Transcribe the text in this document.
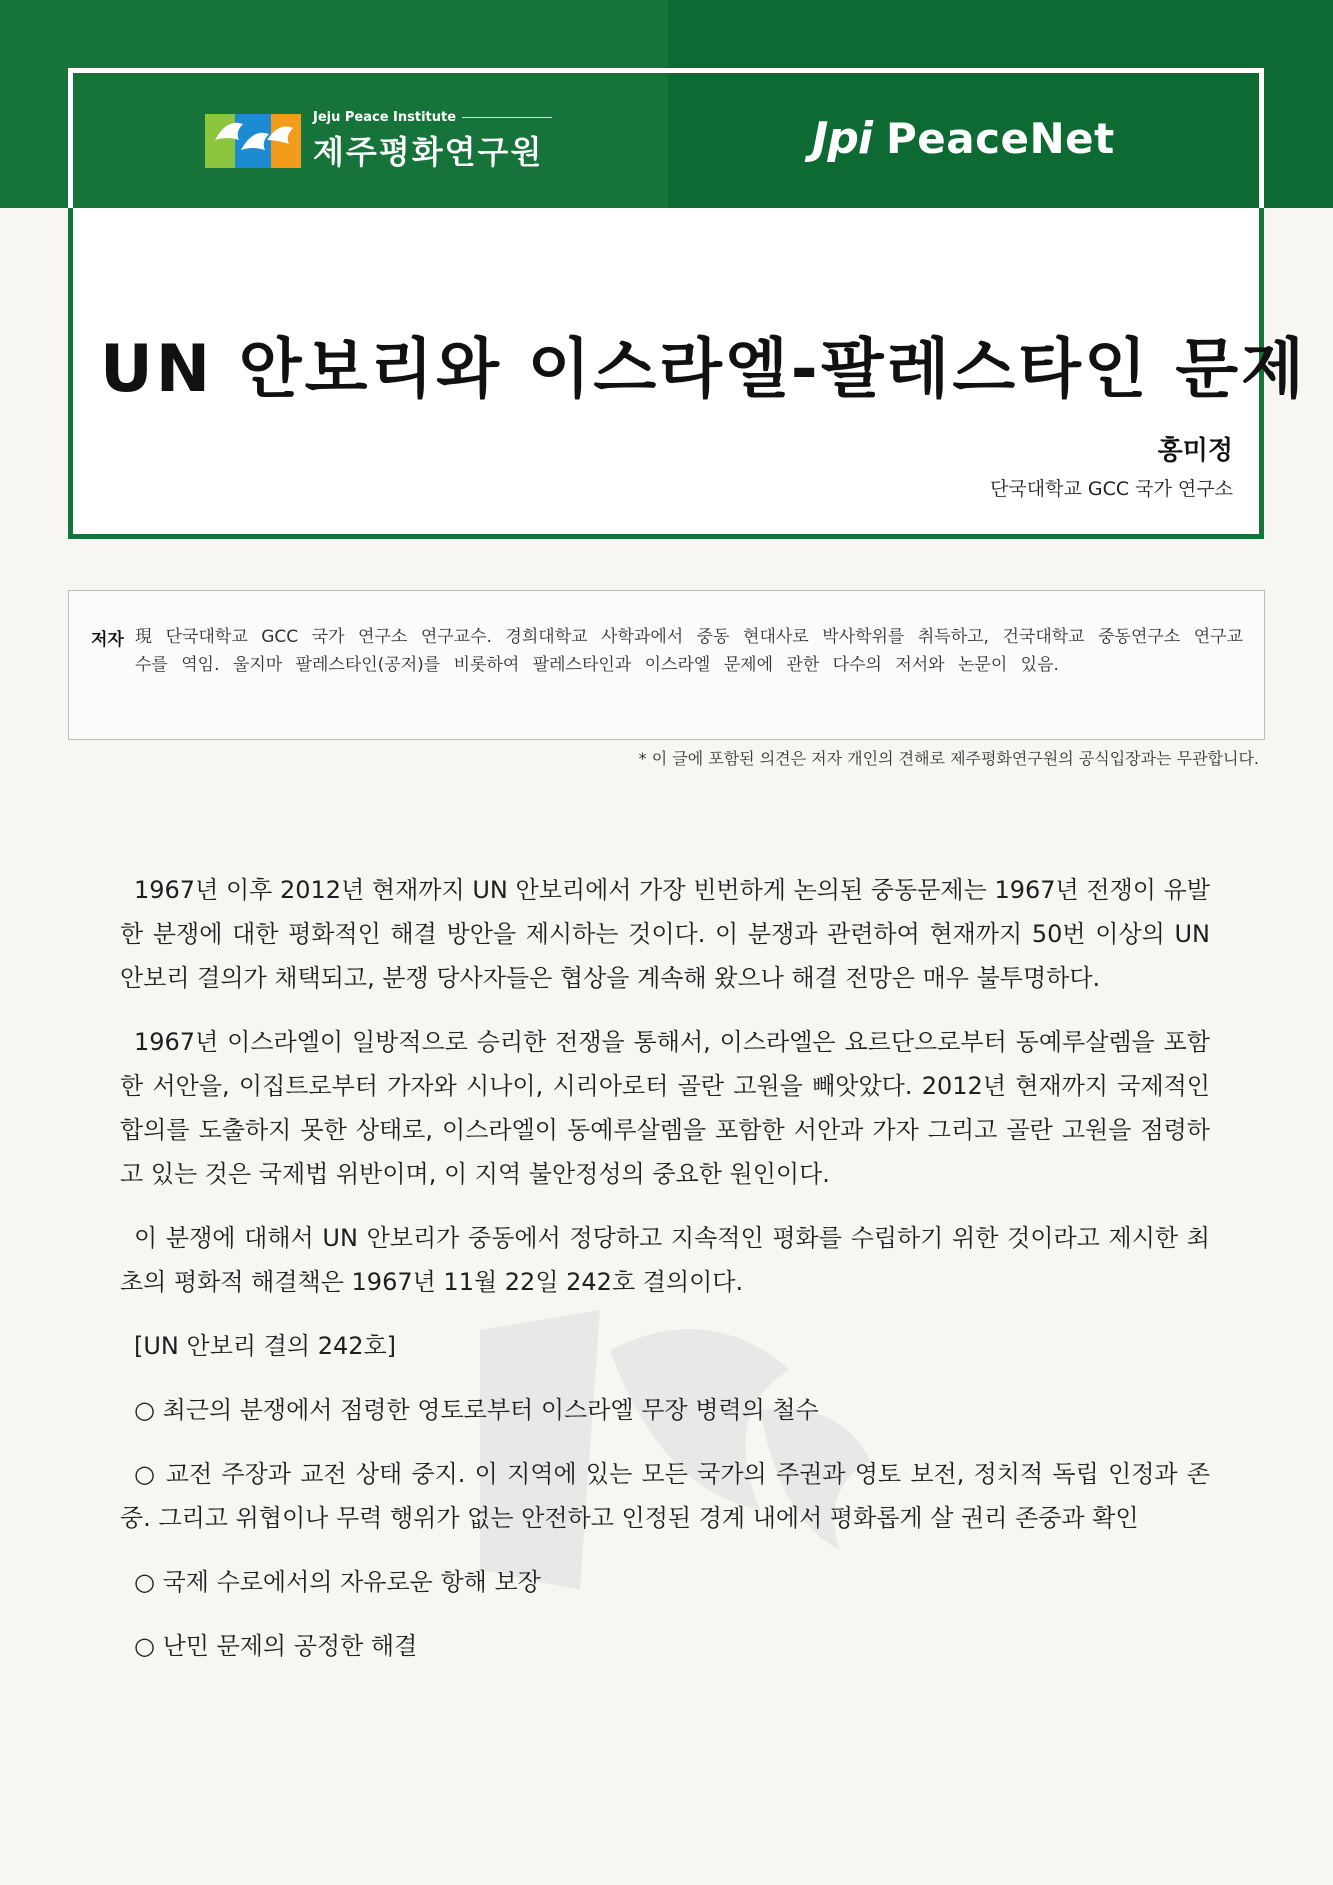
Jeju Peace Institute
제주평화연구원	Jpi PeaceNet
UN 안보리와 이스라엘-팔레스타인 문제

홍미정

단국대학교 GCC 국가 연구소

저자 現 단국대학교 GCC 국가 연구소 연구교수. 경희대학교 사학과에서 중동 현대사로 박사학위를 취득하고, 건국대학교 중동연구소 연구교수를 역임. 울지마 팔레스타인(공저)를 비롯하여 팔레스타인과 이스라엘 문제에 관한 다수의 저서와 논문이 있음.

* 이 글에 포함된 의견은 저자 개인의 견해로 제주평화연구원의 공식입장과는 무관합니다.

1967년 이후 2012년 현재까지 UN 안보리에서 가장 빈번하게 논의된 중동문제는 1967년 전쟁이 유발한 분쟁에 대한 평화적인 해결 방안을 제시하는 것이다. 이 분쟁과 관련하여 현재까지 50번 이상의 UN 안보리 결의가 채택되고, 분쟁 당사자들은 협상을 계속해 왔으나 해결 전망은 매우 불투명하다.

1967년 이스라엘이 일방적으로 승리한 전쟁을 통해서, 이스라엘은 요르단으로부터 동예루살렘을 포함한 서안을, 이집트로부터 가자와 시나이, 시리아로터 골란 고원을 빼앗았다. 2012년 현재까지 국제적인 합의를 도출하지 못한 상태로, 이스라엘이 동예루살렘을 포함한 서안과 가자 그리고 골란 고원을 점령하고 있는 것은 국제법 위반이며, 이 지역 불안정성의 중요한 원인이다.

이 분쟁에 대해서 UN 안보리가 중동에서 정당하고 지속적인 평화를 수립하기 위한 것이라고 제시한 최초의 평화적 해결책은 1967년 11월 22일 242호 결의이다.

[UN 안보리 결의 242호]

○ 최근의 분쟁에서 점령한 영토로부터 이스라엘 무장 병력의 철수

○ 교전 주장과 교전 상태 중지. 이 지역에 있는 모든 국가의 주권과 영토 보전, 정치적 독립 인정과 존중. 그리고 위협이나 무력 행위가 없는 안전하고 인정된 경계 내에서 평화롭게 살 권리 존중과 확인

○ 국제 수로에서의 자유로운 항해 보장

○ 난민 문제의 공정한 해결
